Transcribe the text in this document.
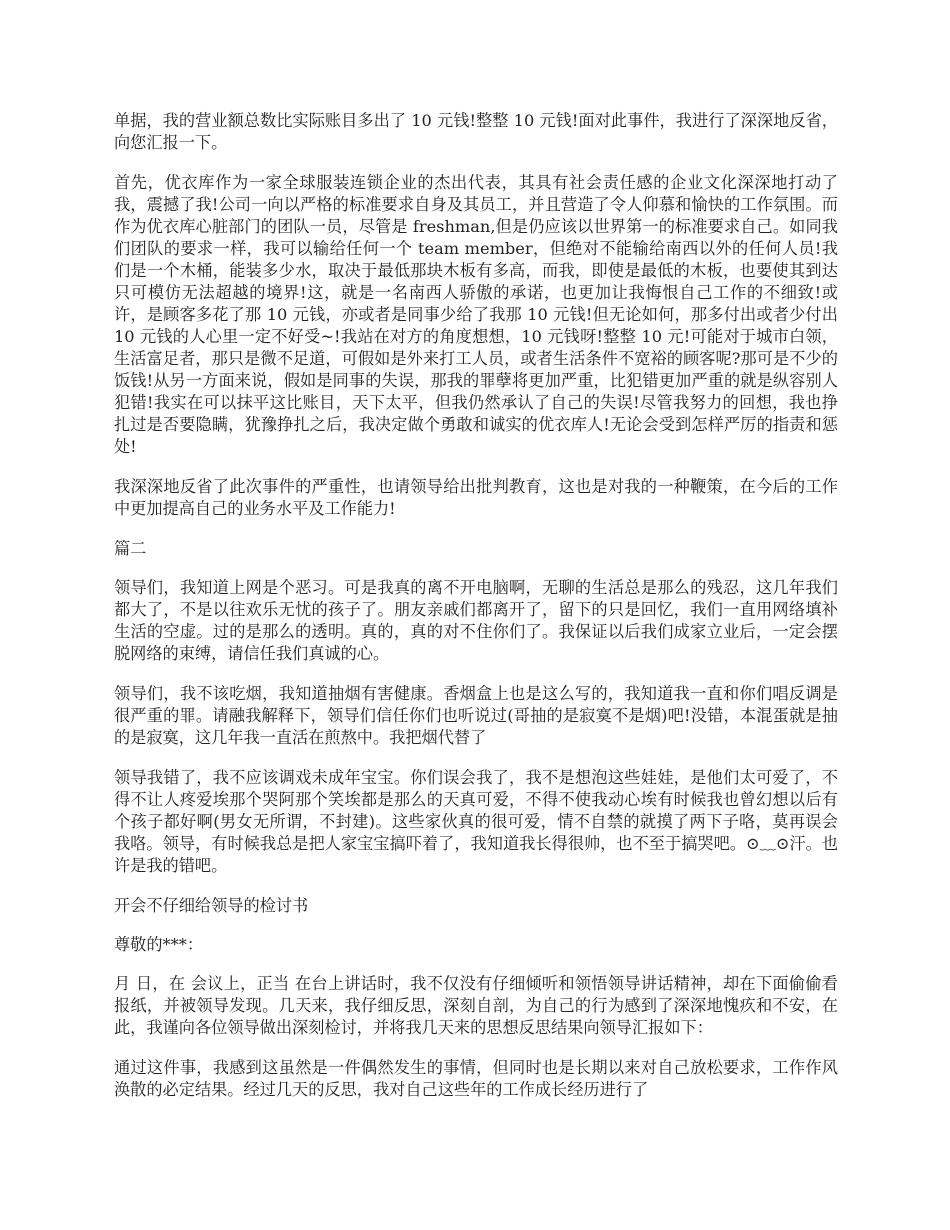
单据，我的营业额总数比实际账目多出了 10 元钱!整整 10 元钱!面对此事件，我进行了深深地反省，向您汇报一下。

首先，优衣库作为一家全球服装连锁企业的杰出代表，其具有社会责任感的企业文化深深地打动了我，震撼了我!公司一向以严格的标准要求自身及其员工，并且营造了令人仰慕和愉快的工作氛围。而作为优衣库心脏部门的团队一员，尽管是 freshman,但是仍应该以世界第一的标准要求自己。如同我们团队的要求一样，我可以输给任何一个 team member，但绝对不能输给南西以外的任何人员!我们是一个木桶，能装多少水，取决于最低那块木板有多高，而我，即使是最低的木板，也要使其到达只可模仿无法超越的境界!这，就是一名南西人骄傲的承诺，也更加让我悔恨自己工作的不细致!或许，是顾客多花了那 10 元钱，亦或者是同事少给了我那 10 元钱!但无论如何，那多付出或者少付出 10 元钱的人心里一定不好受~!我站在对方的角度想想，10 元钱呀!整整 10 元!可能对于城市白领，生活富足者，那只是微不足道，可假如是外来打工人员，或者生活条件不宽裕的顾客呢?那可是不少的饭钱!从另一方面来说，假如是同事的失误，那我的罪孽将更加严重，比犯错更加严重的就是纵容别人犯错!我实在可以抹平这比账目，天下太平，但我仍然承认了自己的失误!尽管我努力的回想，我也挣扎过是否要隐瞒，犹豫挣扎之后，我决定做个勇敢和诚实的优衣库人!无论会受到怎样严厉的指责和惩处!

我深深地反省了此次事件的严重性，也请领导给出批判教育，这也是对我的一种鞭策，在今后的工作中更加提高自己的业务水平及工作能力!

篇二

领导们，我知道上网是个恶习。可是我真的离不开电脑啊，无聊的生活总是那么的残忍，这几年我们都大了，不是以往欢乐无忧的孩子了。朋友亲戚们都离开了，留下的只是回忆，我们一直用网络填补生活的空虚。过的是那么的透明。真的，真的对不住你们了。我保证以后我们成家立业后，一定会摆脱网络的束缚，请信任我们真诚的心。

领导们，我不该吃烟，我知道抽烟有害健康。香烟盒上也是这么写的，我知道我一直和你们唱反调是很严重的罪。请融我解释下，领导们信任你们也听说过(哥抽的是寂寞不是烟)吧!没错，本混蛋就是抽的是寂寞，这几年我一直活在煎熬中。我把烟代替了

领导我错了，我不应该调戏未成年宝宝。你们误会我了，我不是想泡这些娃娃，是他们太可爱了，不得不让人疼爱埃那个哭阿那个笑埃都是那么的天真可爱，不得不使我动心埃有时候我也曾幻想以后有个孩子都好啊(男女无所谓，不封建)。这些家伙真的很可爱，情不自禁的就摸了两下子咯，莫再误会我咯。领导，有时候我总是把人家宝宝搞吓着了，我知道我长得很帅，也不至于搞哭吧。⊙﹏⊙汗。也许是我的错吧。

开会不仔细给领导的检讨书

尊敬的***：

月 日，在 会议上，正当 在台上讲话时，我不仅没有仔细倾听和领悟领导讲话精神，却在下面偷偷看报纸，并被领导发现。几天来，我仔细反思，深刻自剖，为自己的行为感到了深深地愧疚和不安，在此，我谨向各位领导做出深刻检讨，并将我几天来的思想反思结果向领导汇报如下：

通过这件事，我感到这虽然是一件偶然发生的事情，但同时也是长期以来对自己放松要求，工作作风涣散的必定结果。经过几天的反思，我对自己这些年的工作成长经历进行了
